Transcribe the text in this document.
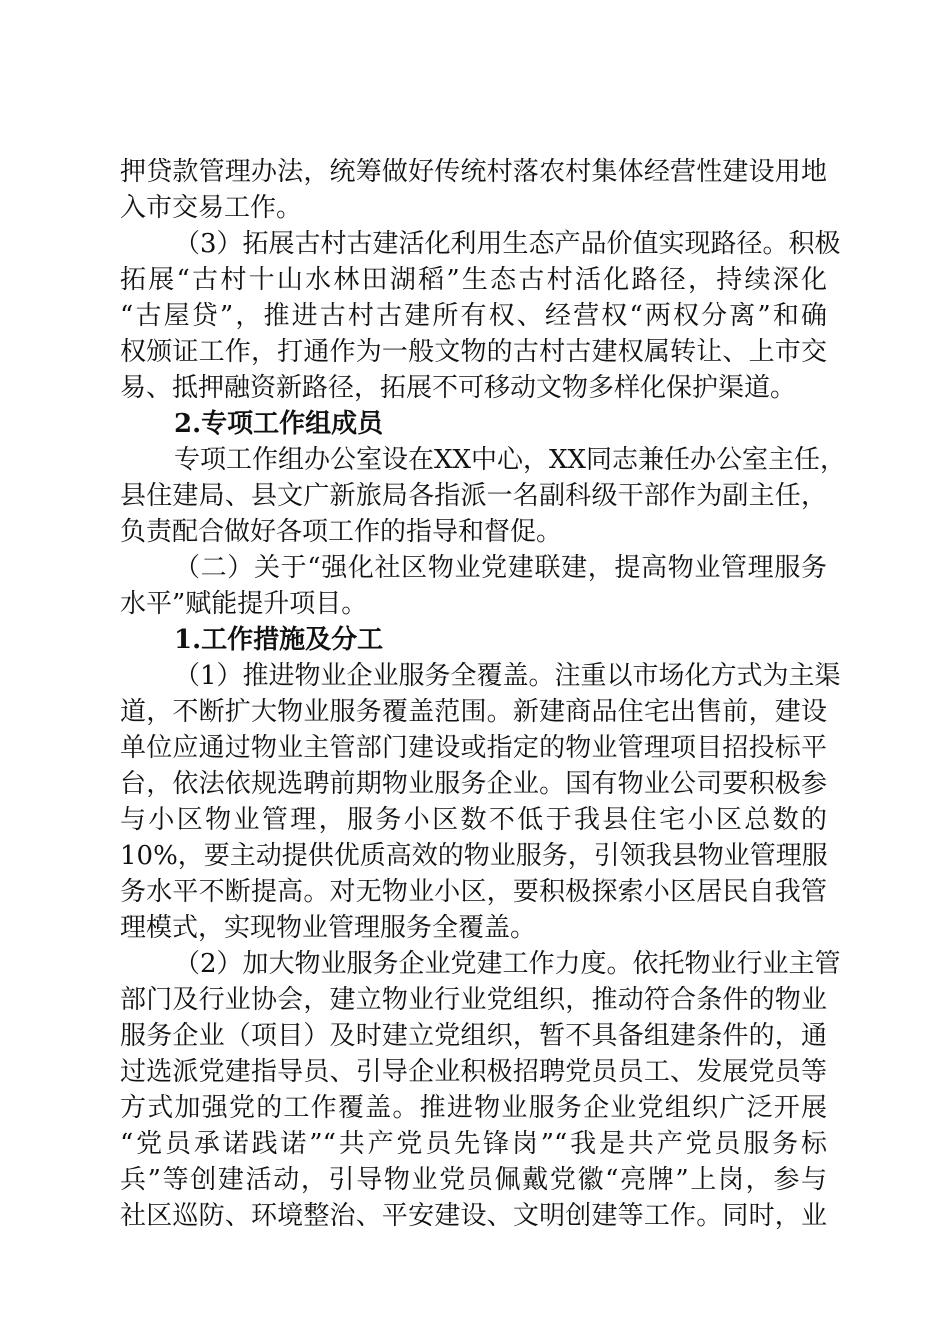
押贷款管理办法，统筹做好传统村落农村集体经营性建设用地
入市交易工作。
（3）拓展古村古建活化利用生态产品价值实现路径。积极
拓展“古村十山水林田湖稻”生态古村活化路径，持续深化
“古屋贷”，推进古村古建所有权、经营权“两权分离”和确
权颁证工作，打通作为一般文物的古村古建权属转让、上市交
易、抵押融资新路径，拓展不可移动文物多样化保护渠道。
2.专项工作组成员
专项工作组办公室设在XX中心，XX同志兼任办公室主任，
县住建局、县文广新旅局各指派一名副科级干部作为副主任，
负责配合做好各项工作的指导和督促。
（二）关于“强化社区物业党建联建，提高物业管理服务
水平”赋能提升项目。
1.工作措施及分工
（1）推进物业企业服务全覆盖。注重以市场化方式为主渠
道，不断扩大物业服务覆盖范围。新建商品住宅出售前，建设
单位应通过物业主管部门建设或指定的物业管理项目招投标平
台，依法依规选聘前期物业服务企业。国有物业公司要积极参
与小区物业管理，服务小区数不低于我县住宅小区总数的
10%，要主动提供优质高效的物业服务，引领我县物业管理服
务水平不断提高。对无物业小区，要积极探索小区居民自我管
理模式，实现物业管理服务全覆盖。
（2）加大物业服务企业党建工作力度。依托物业行业主管
部门及行业协会，建立物业行业党组织，推动符合条件的物业
服务企业（项目）及时建立党组织，暂不具备组建条件的，通
过选派党建指导员、引导企业积极招聘党员员工、发展党员等
方式加强党的工作覆盖。推进物业服务企业党组织广泛开展
“党员承诺践诺”“共产党员先锋岗”“我是共产党员服务标
兵”等创建活动，引导物业党员佩戴党徽“亮牌”上岗，参与
社区巡防、环境整治、平安建设、文明创建等工作。同时，业
